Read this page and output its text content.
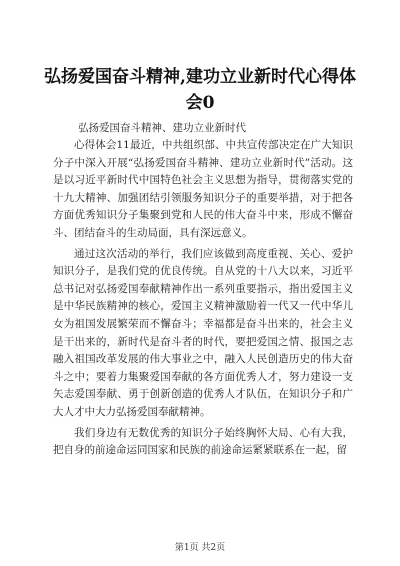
弘扬爱国奋斗精神,建功立业新时代心得体会0
弘扬爱国奋斗精神、建功立业新时代

心得体会11最近，中共组织部、中共宣传部决定在广大知识分子中深入开展“弘扬爱国奋斗精神、建功立业新时代”活动。这是以习近平新时代中国特色社会主义思想为指导，贯彻落实党的十九大精神、加强团结引领服务知识分子的重要举措，对于把各方面优秀知识分子集聚到党和人民的伟大奋斗中来，形成不懈奋斗、团结奋斗的生动局面，具有深远意义。

通过这次活动的举行，我们应该做到高度重视、关心、爱护知识分子，是我们党的优良传统。自从党的十八大以来，习近平总书记对弘扬爱国奉献精神作出一系列重要指示，指出爱国主义是中华民族精神的核心，爱国主义精神激励着一代又一代中华儿女为祖国发展繁荣而不懈奋斗；幸福都是奋斗出来的，社会主义是干出来的，新时代是奋斗者的时代，要把爱国之情、报国之志融入祖国改革发展的伟大事业之中，融入人民创造历史的伟大奋斗之中；要着力集聚爱国奉献的各方面优秀人才，努力建设一支矢志爱国奉献、勇于创新创造的优秀人才队伍，在知识分子和广大人才中大力弘扬爱国奉献精神。

我们身边有无数优秀的知识分子始终胸怀大局、心有大我，把自身的前途命运同国家和民族的前途命运紧紧联系在一起，留

第1页 共2页
